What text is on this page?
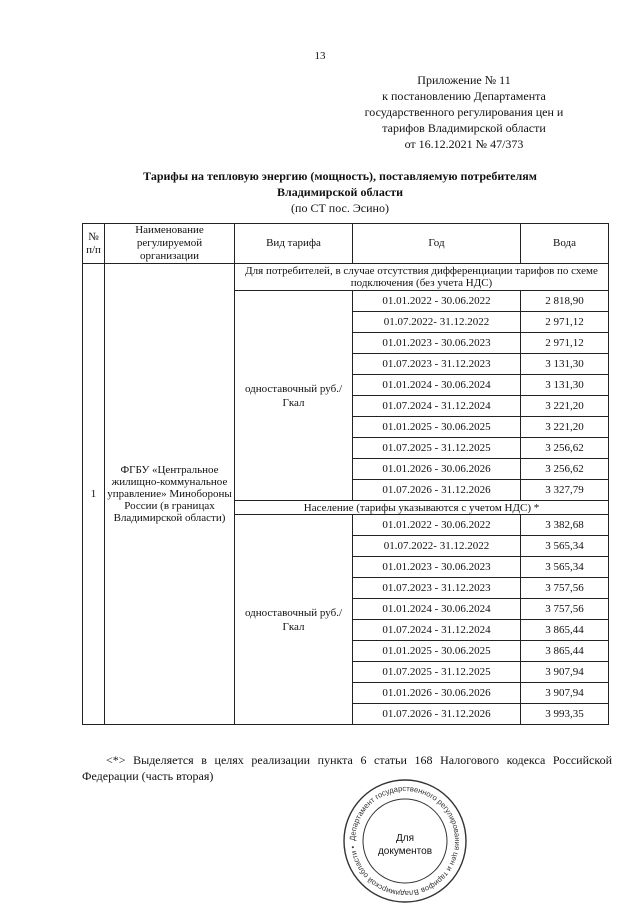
13
Приложение № 11
к постановлению Департамента
государственного регулирования цен и
тарифов Владимирской области
от 16.12.2021 № 47/373
Тарифы на тепловую энергию (мощность), поставляемую потребителям
Владимирской области
(по СТ пос. Эсино)
№ п/п	Наименование регулируемой организации	Вид тарифа	Год	Вода
1	ФГБУ «Центральное жилищно-коммунальное управление» Минобороны России (в границах Владимирской области)	Для потребителей, в случае отсутствия дифференциации тарифов по схеме подключения (без учета НДС)		
		одноставочный руб./Гкал	01.01.2022 - 30.06.2022	2 818,90
			01.07.2022- 31.12.2022	2 971,12
			01.01.2023 - 30.06.2023	2 971,12
			01.07.2023 - 31.12.2023	3 131,30
			01.01.2024 - 30.06.2024	3 131,30
			01.07.2024 - 31.12.2024	3 221,20
			01.01.2025 - 30.06.2025	3 221,20
			01.07.2025 - 31.12.2025	3 256,62
			01.01.2026 - 30.06.2026	3 256,62
			01.07.2026 - 31.12.2026	3 327,79
		Население (тарифы указываются с учетом НДС) *		
		одноставочный руб./Гкал	01.01.2022 - 30.06.2022	3 382,68
			01.07.2022- 31.12.2022	3 565,34
			01.01.2023 - 30.06.2023	3 565,34
			01.07.2023 - 31.12.2023	3 757,56
			01.01.2024 - 30.06.2024	3 757,56
			01.07.2024 - 31.12.2024	3 865,44
			01.01.2025 - 30.06.2025	3 865,44
			01.07.2025 - 31.12.2025	3 907,94
			01.01.2026 - 30.06.2026	3 907,94
			01.07.2026 - 31.12.2026	3 993,35
<*> Выделяется в целях реализации пункта 6 статьи 168 Налогового кодекса Российской Федерации (часть вторая)
Департамент государственного регулирования цен и тарифов Владимирской области •
Для
документов
